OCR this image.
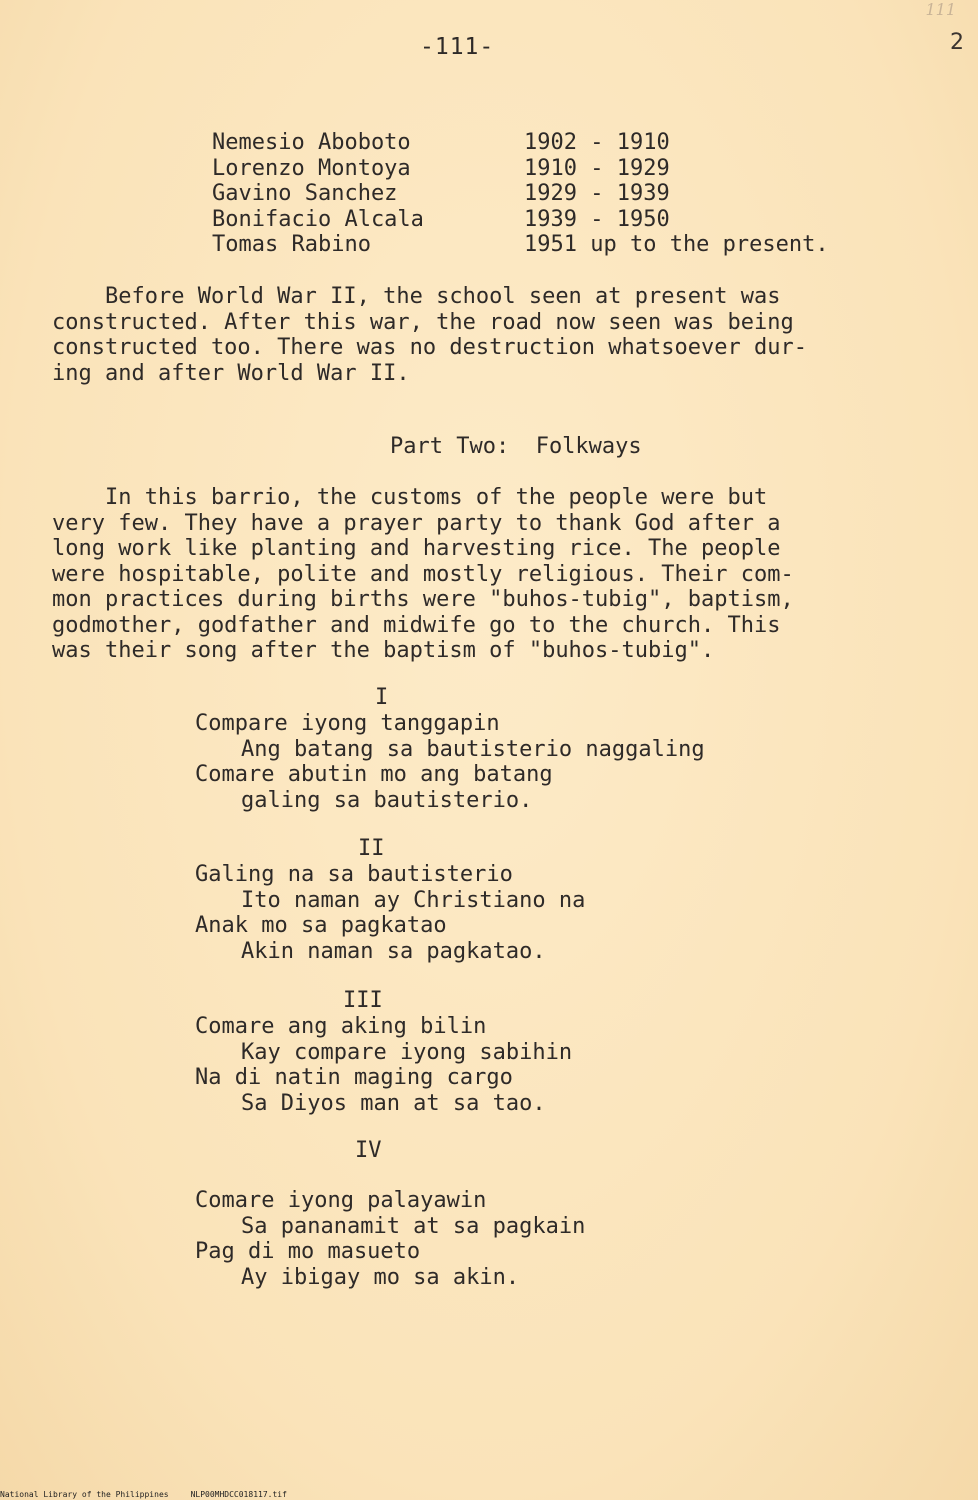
111
-111-	2
Nemesio Aboboto	1902 - 1910
Lorenzo Montoya	1910 - 1929
Gavino Sanchez	1929 - 1939
Bonifacio Alcala	1939 - 1950
Tomas Rabino	1951 up to the present.

Before World War II, the school seen at present was
constructed. After this war, the road now seen was being
constructed too. There was no destruction whatsoever dur-
ing and after World War II.

Part Two:  Folkways

In this barrio, the customs of the people were but
very few. They have a prayer party to thank God after a
long work like planting and harvesting rice. The people
were hospitable, polite and mostly religious. Their com-
mon practices during births were "buhos-tubig", baptism,
godmother, godfather and midwife go to the church. This
was their song after the baptism of "buhos-tubig".

I
Compare iyong tanggapin
Ang batang sa bautisterio naggaling
Comare abutin mo ang batang
galing sa bautisterio.
II
Galing na sa bautisterio
Ito naman ay Christiano na
Anak mo sa pagkatao
Akin naman sa pagkatao.
III
Comare ang aking bilin
Kay compare iyong sabihin
Na di natin maging cargo
Sa Diyos man at sa tao.
IV
Comare iyong palayawin
Sa pananamit at sa pagkain
Pag di mo masueto
Ay ibigay mo sa akin.
National Library of the Philippines	NLP00MHDCC018117.tif
